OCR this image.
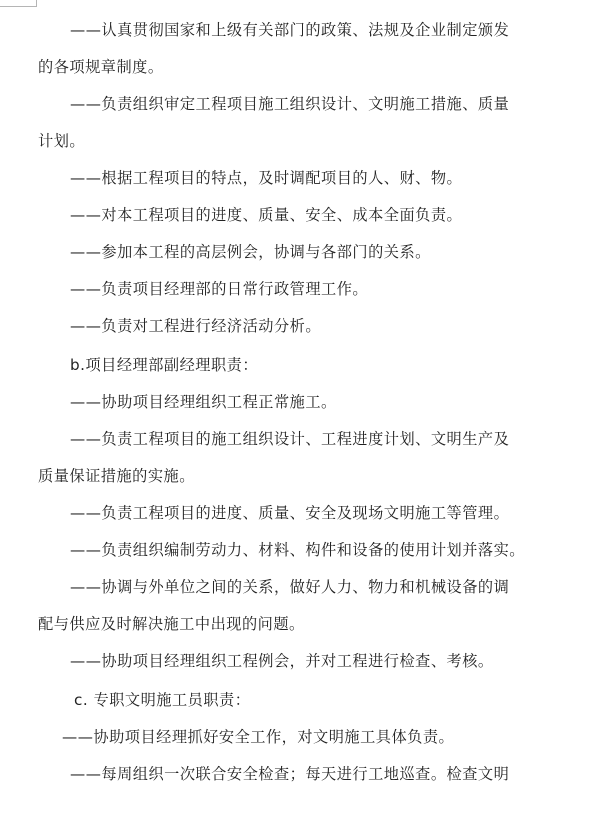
——认真贯彻国家和上级有关部门的政策、法规及企业制定颁发
的各项规章制度。
——负责组织审定工程项目施工组织设计、文明施工措施、质量
计划。
——根据工程项目的特点，及时调配项目的人、财、物。
——对本工程项目的进度、质量、安全、成本全面负责。
——参加本工程的高层例会，协调与各部门的关系。
——负责项目经理部的日常行政管理工作。
——负责对工程进行经济活动分析。
b.项目经理部副经理职责：
——协助项目经理组织工程正常施工。
——负责工程项目的施工组织设计、工程进度计划、文明生产及
质量保证措施的实施。
——负责工程项目的进度、质量、安全及现场文明施工等管理。
——负责组织编制劳动力、材料、构件和设备的使用计划并落实。
——协调与外单位之间的关系，做好人力、物力和机械设备的调
配与供应及时解决施工中出现的问题。
——协助项目经理组织工程例会，并对工程进行检查、考核。
c. 专职文明施工员职责：
——协助项目经理抓好安全工作，对文明施工具体负责。
——每周组织一次联合安全检查；每天进行工地巡查。检查文明
